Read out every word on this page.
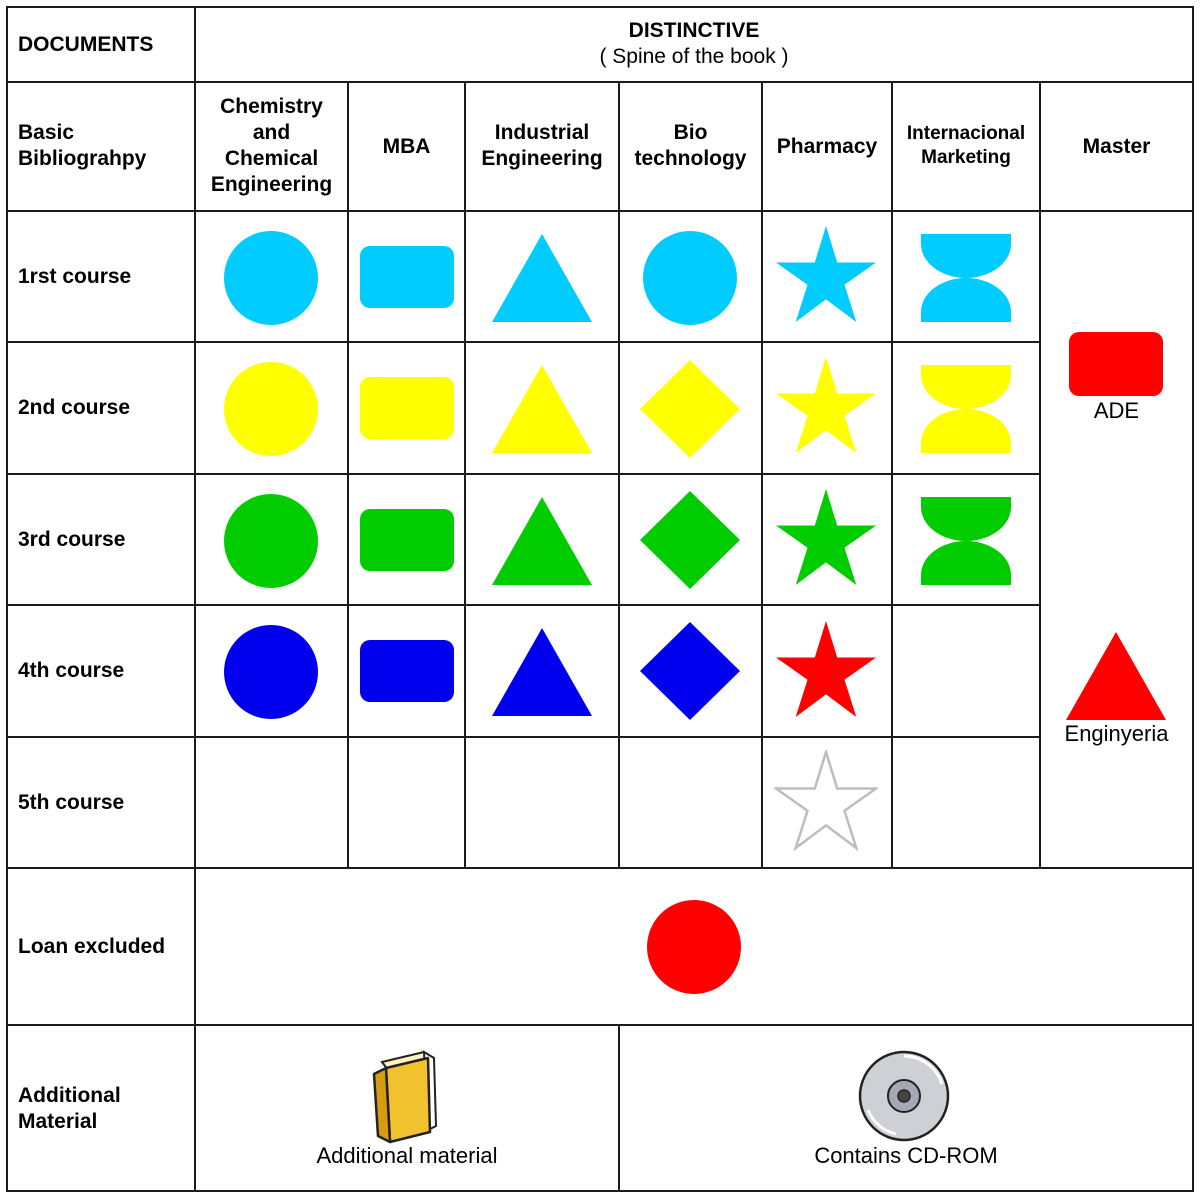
DOCUMENTS
DISTINCTIVE
( Spine of the book )
Basic
Bibliograhpy
Chemistry
and
Chemical
Engineering
MBA
Industrial
Engineering
Bio
technology
Pharmacy
Internacional
Marketing	Master
1rst course
2nd course
3rd course
4th course
5th course
Loan excluded
Additional
Material
ADE
Enginyeria
Additional material	Contains CD-ROM
